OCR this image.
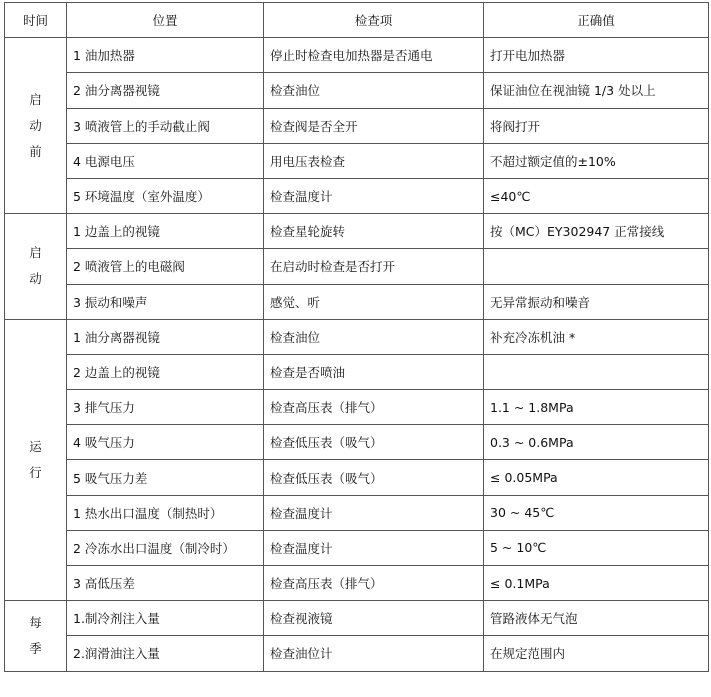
时间	位置	检查项	正确值

启
动
前	1 油加热器	停止时检查电加热器是否通电	打开电加热器
	2 油分离器视镜	检查油位	保证油位在视油镜 1/3 处以上
	3 喷液管上的手动截止阀	检查阀是否全开	将阀打开
	4 电源电压	用电压表检查	不超过额定值的±10%
	5 环境温度（室外温度）	检查温度计	≤40℃

启
动	1 边盖上的视镜	检查星轮旋转	按（MC）EY302947 正常接线
	2 喷液管上的电磁阀	在启动时检查是否打开	
	3 振动和噪声	感觉、听	无异常振动和噪音

运
行	1 油分离器视镜	检查油位	补充冷冻机油 *
	2 边盖上的视镜	检查是否喷油	
	3 排气压力	检查高压表（排气）	1.1 ~ 1.8MPa
	4 吸气压力	检查低压表（吸气）	0.3 ~ 0.6MPa
	5 吸气压力差	检查低压表（吸气）	≤ 0.05MPa
	1 热水出口温度（制热时）	检查温度计	30 ~ 45℃
	2 冷冻水出口温度（制冷时）	检查温度计	5 ~ 10℃
	3 高低压差	检查高压表（排气）	≤ 0.1MPa

每
季	1.制冷剂注入量	检查视液镜	管路液体无气泡
	2.润滑油注入量	检查油位计	在规定范围内
